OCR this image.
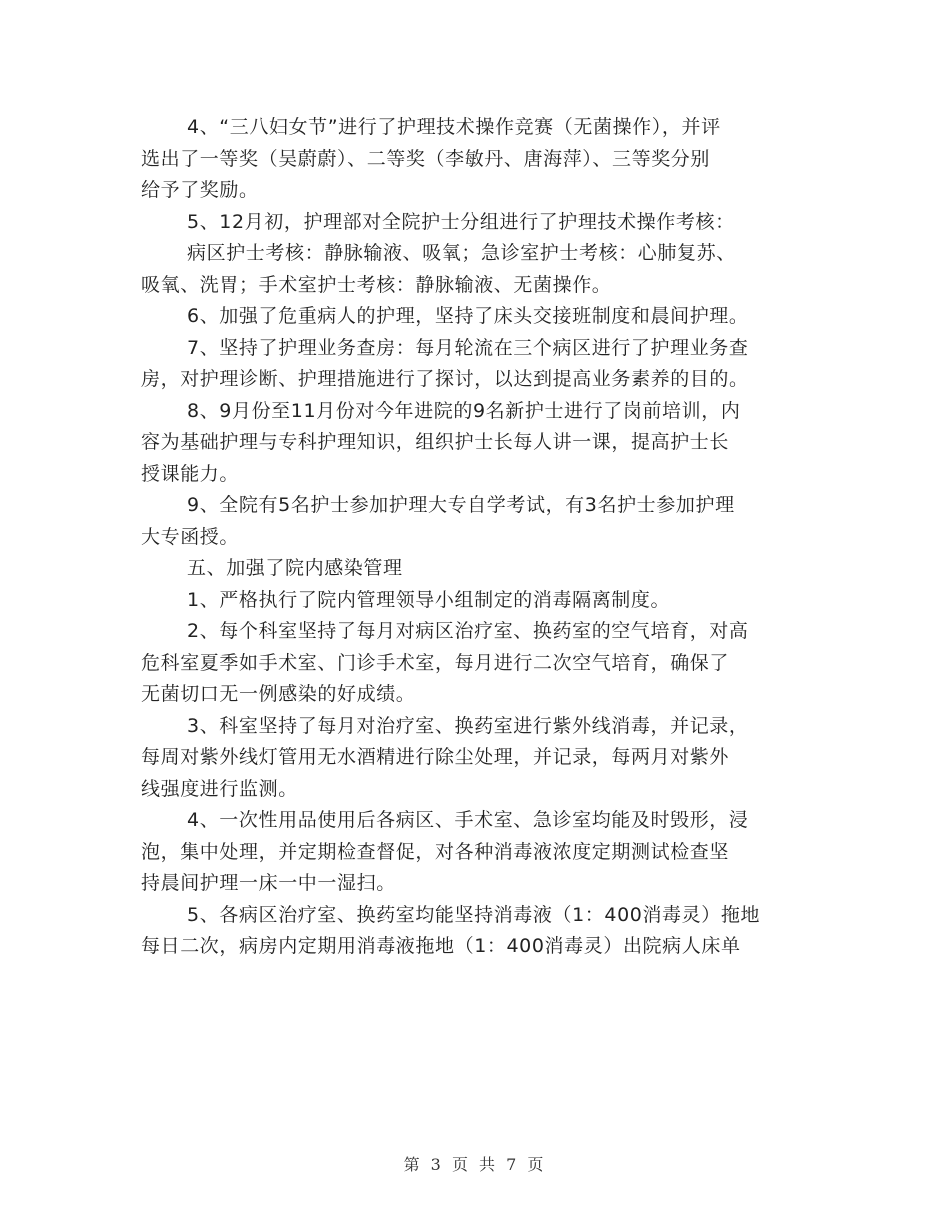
4、“三八妇女节”进行了护理技术操作竞赛（无菌操作），并评
选出了一等奖（吴蔚蔚）、二等奖（李敏丹、唐海萍）、三等奖分别
给予了奖励。
5、12月初，护理部对全院护士分组进行了护理技术操作考核：
病区护士考核：静脉输液、吸氧；急诊室护士考核：心肺复苏、
吸氧、洗胃；手术室护士考核：静脉输液、无菌操作。
6、加强了危重病人的护理，坚持了床头交接班制度和晨间护理。
7、坚持了护理业务查房：每月轮流在三个病区进行了护理业务查
房，对护理诊断、护理措施进行了探讨，以达到提高业务素养的目的。
8、9月份至11月份对今年进院的9名新护士进行了岗前培训，内
容为基础护理与专科护理知识，组织护士长每人讲一课，提高护士长
授课能力。
9、全院有5名护士参加护理大专自学考试，有3名护士参加护理
大专函授。
五、加强了院内感染管理
1、严格执行了院内管理领导小组制定的消毒隔离制度。
2、每个科室坚持了每月对病区治疗室、换药室的空气培育，对高
危科室夏季如手术室、门诊手术室，每月进行二次空气培育，确保了
无菌切口无一例感染的好成绩。
3、科室坚持了每月对治疗室、换药室进行紫外线消毒，并记录，
每周对紫外线灯管用无水酒精进行除尘处理，并记录，每两月对紫外
线强度进行监测。
4、一次性用品使用后各病区、手术室、急诊室均能及时毁形，浸
泡，集中处理，并定期检查督促，对各种消毒液浓度定期测试检查坚
持晨间护理一床一中一湿扫。
5、各病区治疗室、换药室均能坚持消毒液（1：400消毒灵）拖地
每日二次，病房内定期用消毒液拖地（1：400消毒灵）出院病人床单
第 3 页 共 7 页
